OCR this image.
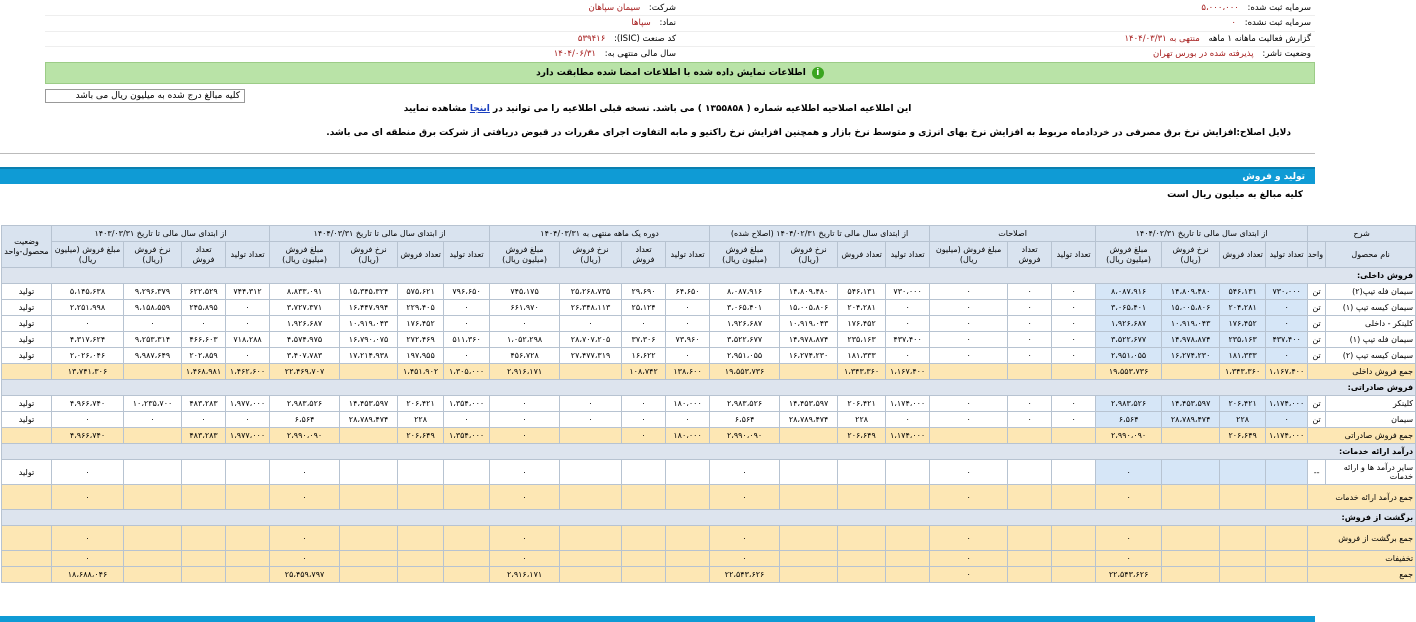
شرکت: سیمان سپاهان	سرمایه ثبت شده: ۵،۰۰۰،۰۰۰
نماد: سپاها	سرمایه ثبت نشده: ۰
کد صنعت (ISIC): ۵۳۹۴۱۶	گزارش فعالیت ماهانه ۱ ماهه منتهی به ۱۴۰۴/۰۳/۳۱
سال مالی منتهی به: ۱۴۰۴/۰۶/۳۱	وضعیت ناشر: پذیرفته شده در بورس تهران
i
اطلاعات نمایش داده شده با اطلاعات امضا شده مطابقت دارد
کلیه مبالغ درج شده به میلیون ریال می باشد
این اطلاعیه اصلاحیه اطلاعیه شماره ( ۱۳۵۵۸۵۸ ) می باشد. نسخه قبلی اطلاعیه را می توانید در اینجا مشاهده نمایید
دلایل اصلاح:افزایش نرخ برق مصرفی در خردادماه مربوط به افزایش نرخ بهای انرژی و متوسط نرخ بازار و همچنین افزایش نرخ راکتیو و مابه التفاوت اجرای مقررات در قبوض دریافتی از شرکت برق منطقه ای می باشد.
تولید و فروش
کلیه مبالغ به میلیون ریال است
شرح		از ابتدای سال مالی تا تاریخ ۱۴۰۴/۰۲/۳۱				اصلاحات			از ابتدای سال مالی تا تاریخ ۱۴۰۴/۰۲/۳۱ (اصلاح شده)				دوره یک ماهه منتهی به ۱۴۰۴/۰۳/۳۱				از ابتدای سال مالی تا تاریخ ۱۴۰۴/۰۳/۳۱				از ابتدای سال مالی تا تاریخ ۱۴۰۳/۰۳/۳۱				وضعیت محصول-واحد
نام محصول	واحد	تعداد تولید	تعداد فروش	نرخ فروش (ریال)	مبلغ فروش (میلیون ریال)	تعداد تولید	تعداد فروش	مبلغ فروش (میلیون ریال)	تعداد تولید	تعداد فروش	نرخ فروش (ریال)	مبلغ فروش (میلیون ریال)	تعداد تولید	تعداد فروش	نرخ فروش (ریال)	مبلغ فروش (میلیون ریال)	تعداد تولید	تعداد فروش	نرخ فروش (ریال)	مبلغ فروش (میلیون ریال)	تعداد تولید	تعداد فروش	نرخ فروش (ریال)	مبلغ فروش (میلیون ریال)	
فروش داخلی:																									
سیمان فله تیپ(۲)	تن	۷۳۰،۰۰۰	۵۴۶،۱۳۱	۱۴،۸۰۹،۴۸۰	۸،۰۸۷،۹۱۶	۰	۰	۰	۷۳۰،۰۰۰	۵۴۶،۱۳۱	۱۴،۸۰۹،۴۸۰	۸،۰۸۷،۹۱۶	۶۴،۶۵۰	۲۹،۶۹۰	۲۵،۲۶۸،۷۳۵	۷۴۵،۱۷۵	۷۹۶،۶۵۰	۵۷۵،۶۲۱	۱۵،۳۴۵،۳۲۴	۸،۸۳۳،۰۹۱	۷۴۴،۳۱۲	۶۲۲،۵۲۹	۹،۲۹۶،۳۷۹	۵،۱۴۵،۶۳۸	تولید
سیمان کیسه تیپ (۱)	تن	۰	۲۰۴،۲۸۱	۱۵،۰۰۵،۸۰۶	۳،۰۶۵،۴۰۱	۰	۰	۰	۰	۲۰۴،۲۸۱	۱۵،۰۰۵،۸۰۶	۳،۰۶۵،۴۰۱	۰	۲۵،۱۲۴	۲۶،۳۴۸،۱۱۳	۶۶۱،۹۷۰	۰	۲۲۹،۴۰۵	۱۶،۴۴۷،۹۹۴	۳،۷۲۷،۳۷۱	۰	۲۴۵،۸۹۵	۹،۱۵۸،۵۵۹	۲،۲۵۱،۹۹۸	تولید
کلینکر - داخلی	تن	۰	۱۷۶،۴۵۲	۱۰،۹۱۹،۰۴۳	۱،۹۲۶،۶۸۷	۰	۰	۰	۰	۱۷۶،۴۵۲	۱۰،۹۱۹،۰۴۳	۱،۹۲۶،۶۸۷	۰	۰	۰	۰	۰	۱۷۶،۴۵۲	۱۰،۹۱۹،۰۴۳	۱،۹۲۶،۶۸۷	۰	۰	۰	۰	تولید
سیمان فله تیپ (۱)	تن	۴۳۷،۴۰۰	۲۳۵،۱۶۳	۱۴،۹۷۸،۸۷۴	۳،۵۲۲،۶۷۷	۰	۰	۰	۴۳۷،۴۰۰	۲۳۵،۱۶۳	۱۴،۹۷۸،۸۷۴	۳،۵۲۲،۶۷۷	۷۳،۹۶۰	۳۷،۳۰۶	۲۸،۷۰۷،۲۰۵	۱،۰۵۲،۲۹۸	۵۱۱،۳۶۰	۲۷۲،۴۶۹	۱۶،۷۹۰،۰۷۵	۴،۵۷۴،۹۷۵	۷۱۸،۲۸۸	۴۶۶،۶۰۳	۹،۲۵۳،۳۱۴	۴،۳۱۷،۶۲۴	تولید
سیمان کیسه تیپ (۲)	تن	۰	۱۸۱،۳۳۳	۱۶،۲۷۴،۲۳۰	۲،۹۵۱،۰۵۵	۰	۰	۰	۰	۱۸۱،۳۳۳	۱۶،۲۷۴،۲۳۰	۲،۹۵۱،۰۵۵	۰	۱۶،۶۲۲	۲۷،۴۷۷،۳۱۹	۴۵۶،۷۲۸	۰	۱۹۷،۹۵۵	۱۷،۲۱۴،۹۳۸	۳،۴۰۷،۷۸۳	۰	۲۰۲،۸۵۹	۹،۹۸۷،۶۴۹	۲،۰۲۶،۰۴۶	تولید
جمع فروش داخلی		۱،۱۶۷،۴۰۰	۱،۳۴۳،۳۶۰		۱۹،۵۵۳،۷۳۶				۱،۱۶۷،۴۰۰	۱،۳۴۳،۳۶۰		۱۹،۵۵۳،۷۳۶	۱۳۸،۶۰۰	۱۰۸،۷۴۲		۲،۹۱۶،۱۷۱	۱،۳۰۵،۰۰۰	۱،۴۵۱،۹۰۲		۲۲،۴۶۹،۷۰۷	۱،۴۶۲،۶۰۰	۱،۴۶۸،۹۸۱		۱۳،۷۴۱،۳۰۶	
فروش صادراتی:																									
کلینکر	تن	۱،۱۷۴،۰۰۰	۲۰۶،۴۲۱	۱۴،۴۵۳،۵۹۷	۲،۹۸۳،۵۲۶	۰	۰	۰	۱،۱۷۴،۰۰۰	۲۰۶،۴۲۱	۱۴،۴۵۳،۵۹۷	۲،۹۸۳،۵۲۶	۱۸۰،۰۰۰	۰	۰	۰	۱،۳۵۴،۰۰۰	۲۰۶،۴۲۱	۱۴،۴۵۳،۵۹۷	۲،۹۸۳،۵۲۶	۱،۹۷۷،۰۰۰	۴۸۳،۲۸۳	۱۰،۲۳۵،۷۰۰	۴،۹۶۶،۷۴۰	تولید
سیمان	تن	۰	۲۲۸	۲۸،۷۸۹،۴۷۴	۶،۵۶۴	۰	۰	۰	۰	۲۲۸	۲۸،۷۸۹،۴۷۴	۶،۵۶۴	۰	۰	۰	۰	۰	۲۲۸	۲۸،۷۸۹،۴۷۴	۶،۵۶۴	۰	۰	۰	۰	تولید
جمع فروش صادراتی		۱،۱۷۴،۰۰۰	۲۰۶،۶۴۹		۲،۹۹۰،۰۹۰				۱،۱۷۴،۰۰۰	۲۰۶،۶۴۹		۲،۹۹۰،۰۹۰	۱۸۰،۰۰۰	۰		۰	۱،۳۵۴،۰۰۰	۲۰۶،۶۴۹		۲،۹۹۰،۰۹۰	۱،۹۷۷،۰۰۰	۴۸۳،۲۸۳		۴،۹۶۶،۷۴۰	
درآمد ارائه خدمات:																									
سایر درآمد ها و ارائه خدمات	--				۰			۰				۰				۰				۰				۰	تولید
جمع درآمد ارائه خدمات					۰			۰				۰				۰				۰				۰	
برگشت از فروش:																									
جمع برگشت از فروش					۰			۰				۰				۰				۰				۰	
تخفیفات					۰			۰				۰				۰				۰				۰	
جمع					۲۲،۵۴۳،۶۲۶			۰				۲۲،۵۴۳،۶۲۶				۲،۹۱۶،۱۷۱				۲۵،۴۵۹،۷۹۷				۱۸،۶۸۸،۰۴۶	
